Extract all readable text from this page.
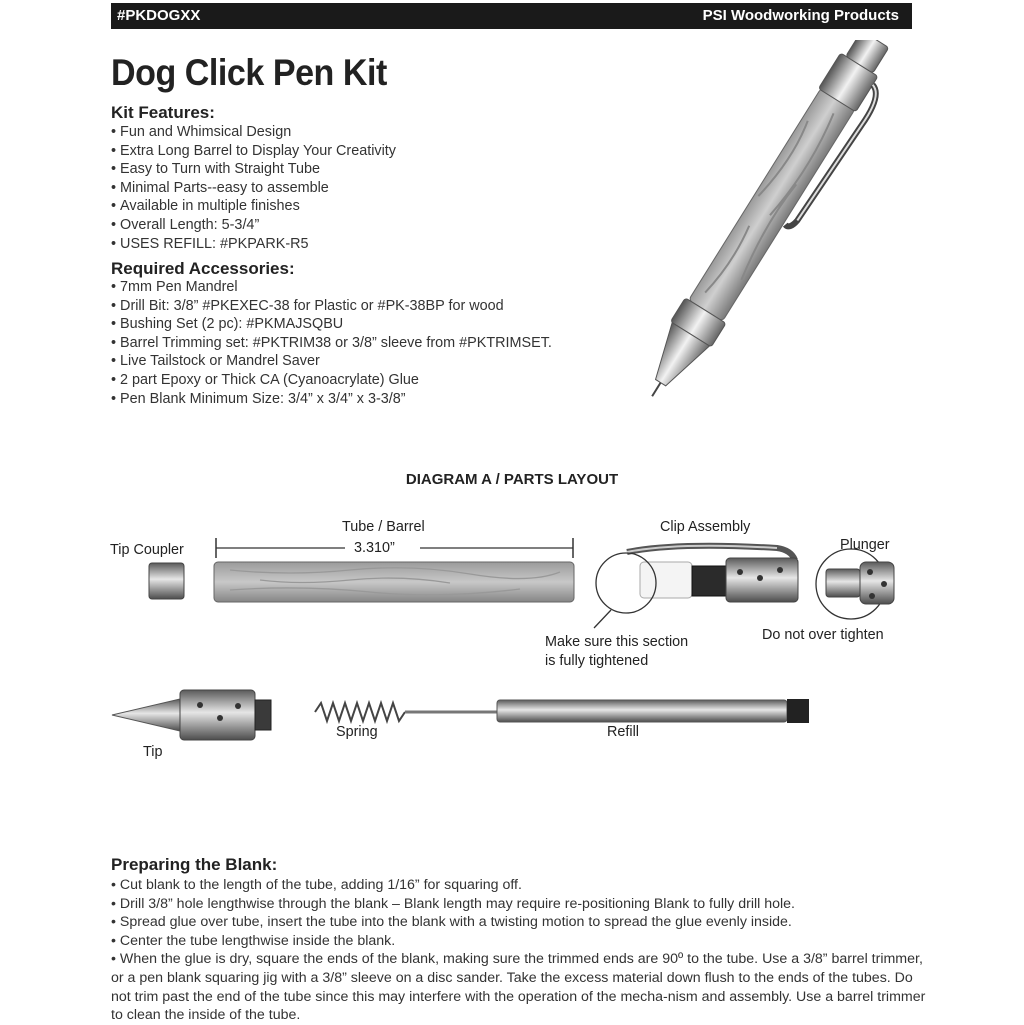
#PKDOGXX	PSI Woodworking Products
Dog Click Pen Kit
Kit Features:
• Fun and Whimsical Design
• Extra Long Barrel to Display Your Creativity
• Easy to Turn with Straight Tube
• Minimal Parts--easy to assemble
• Available in multiple finishes
• Overall Length: 5-3/4”
• USES REFILL: #PKPARK-R5
Required Accessories:
• 7mm Pen Mandrel
• Drill Bit: 3/8” #PKEXEC-38 for Plastic or #PK-38BP for wood
• Bushing Set (2 pc): #PKMAJSQBU
• Barrel Trimming set: #PKTRIM38 or 3/8” sleeve from #PKTRIMSET.
• Live Tailstock or Mandrel Saver
• 2 part Epoxy or Thick CA (Cyanoacrylate) Glue
• Pen Blank Minimum Size: 3/4” x 3/4” x 3-3/8”
DIAGRAM A / PARTS LAYOUT
Tip Coupler
Tube / Barrel
3.310”
Clip Assembly
Plunger
Make sure this section
is fully tightened
Do not over tighten
Tip
Spring	Refill
Preparing the Blank:
• Cut blank to the length of the tube, adding 1/16” for squaring off.
• Drill 3/8” hole lengthwise through the blank – Blank length may require re-positioning Blank to fully drill hole.
• Spread glue over tube, insert the tube into the blank with a twisting motion to spread the glue evenly inside.
• Center the tube lengthwise inside the blank.
• When the glue is dry, square the ends of the blank, making sure the trimmed ends are 90º to the tube. Use a 3/8” barrel trimmer, or a pen blank squaring jig with a 3/8” sleeve on a disc sander. Take the excess material down flush to the ends of the tubes. Do not trim past the end of the tube since this may interfere with the operation of the mecha-nism and assembly. Use a barrel trimmer to clean the inside of the tube.
